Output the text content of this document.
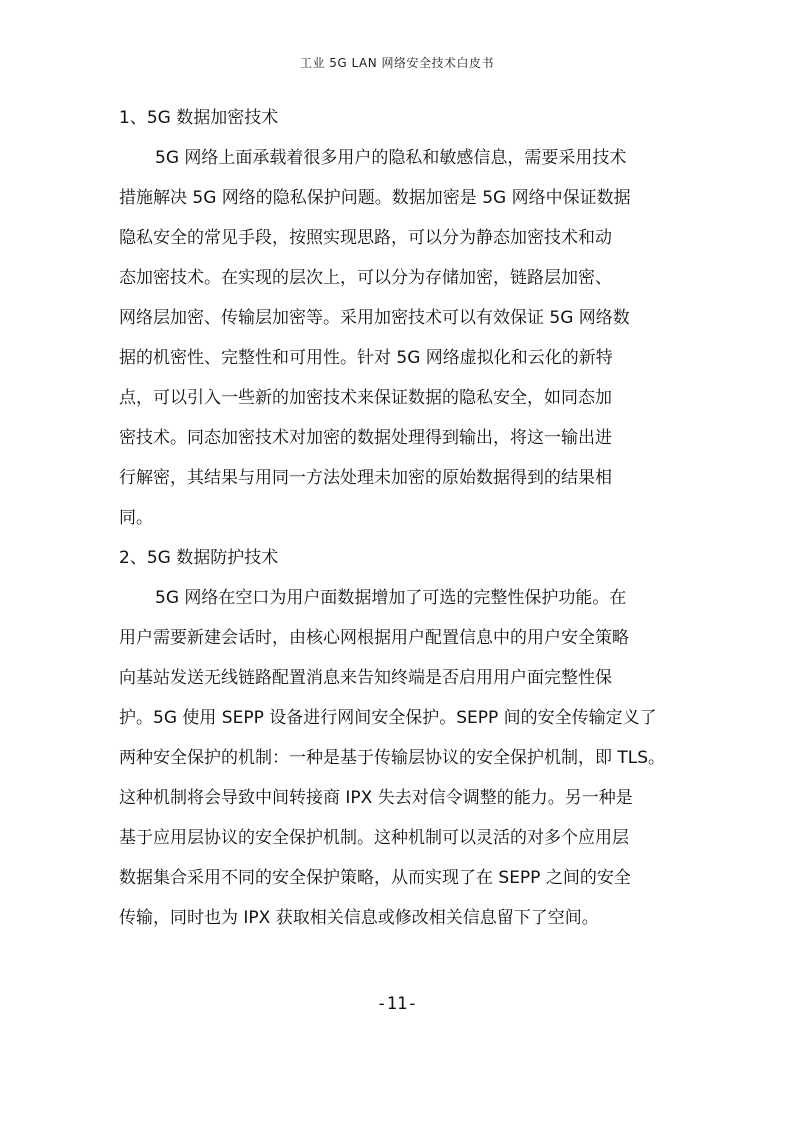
工业 5G LAN 网络安全技术白皮书
1、5G 数据加密技术
5G 网络上面承载着很多用户的隐私和敏感信息，需要采用技术
措施解决 5G 网络的隐私保护问题。数据加密是 5G 网络中保证数据
隐私安全的常见手段，按照实现思路，可以分为静态加密技术和动
态加密技术。在实现的层次上，可以分为存储加密，链路层加密、
网络层加密、传输层加密等。采用加密技术可以有效保证 5G 网络数
据的机密性、完整性和可用性。针对 5G 网络虚拟化和云化的新特
点，可以引入一些新的加密技术来保证数据的隐私安全，如同态加
密技术。同态加密技术对加密的数据处理得到输出，将这一输出进
行解密，其结果与用同一方法处理未加密的原始数据得到的结果相
同。
2、5G 数据防护技术
5G 网络在空口为用户面数据增加了可选的完整性保护功能。在
用户需要新建会话时，由核心网根据用户配置信息中的用户安全策略
向基站发送无线链路配置消息来告知终端是否启用用户面完整性保
护。5G 使用 SEPP 设备进行网间安全保护。SEPP 间的安全传输定义了
两种安全保护的机制：一种是基于传输层协议的安全保护机制，即 TLS。
这种机制将会导致中间转接商 IPX 失去对信令调整的能力。另一种是
基于应用层协议的安全保护机制。这种机制可以灵活的对多个应用层
数据集合采用不同的安全保护策略，从而实现了在 SEPP 之间的安全
传输，同时也为 IPX 获取相关信息或修改相关信息留下了空间。
-11-
